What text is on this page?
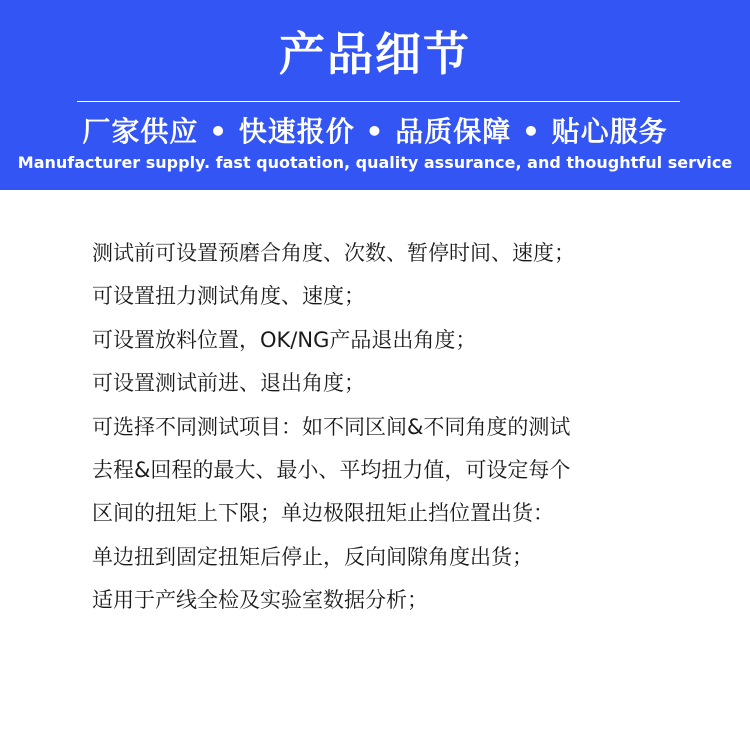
产品细节
厂家供应 • 快速报价 • 品质保障 • 贴心服务
Manufacturer supply. fast quotation, quality assurance, and thoughtful service
测试前可设置预磨合角度、次数、暂停时间、速度；
可设置扭力测试角度、速度；
可设置放料位置，OK/NG产品退出角度；
可设置测试前进、退出角度；
可选择不同测试项目：如不同区间&不同角度的测试
去程&回程的最大、最小、平均扭力值，可设定每个
区间的扭矩上下限；单边极限扭矩止挡位置出货：
单边扭到固定扭矩后停止，反向间隙角度出货；
适用于产线全检及实验室数据分析；
